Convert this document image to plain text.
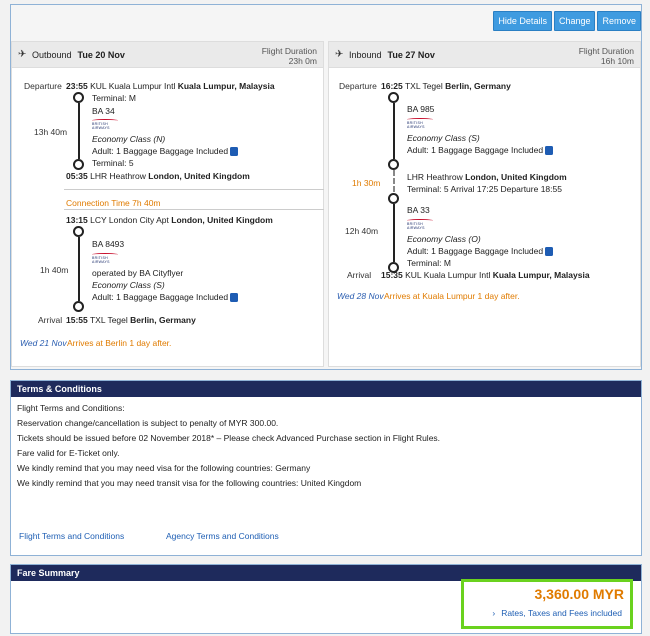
Hide Details	Change	Remove
✈ Outbound Tue 20 Nov	Flight Duration
23h 0m
Departure 23:55 KUL Kuala Lumpur Intl Kuala Lumpur, Malaysia
Terminal: M
BA 34
BRITISH AIRWAYS
13h 40m
Economy Class (N)
Adult: 1 Baggage Baggage Included
Terminal: 5
05:35 LHR Heathrow London, United Kingdom
Connection Time 7h 40m
13:15 LCY London City Apt London, United Kingdom
BA 8493
BRITISH AIRWAYS
1h 40m	operated by BA Cityflyer
Economy Class (S)
Adult: 1 Baggage Baggage Included
Arrival 15:55 TXL Tegel Berlin, Germany
Wed 21 Nov Arrives at Berlin 1 day after.
✈ Inbound Tue 27 Nov	Flight Duration
16h 10m
Departure 16:25 TXL Tegel Berlin, Germany
BA 985
BRITISH AIRWAYS
Economy Class (S)
Adult: 1 Baggage Baggage Included
1h 30m
LHR Heathrow London, United Kingdom
Terminal: 5 Arrival 17:25 Departure 18:55
BA 33
BRITISH AIRWAYS
12h 40m
Economy Class (O)
Adult: 1 Baggage Baggage Included
Terminal: M
Arrival 15:35 KUL Kuala Lumpur Intl Kuala Lumpur, Malaysia
Wed 28 Nov Arrives at Kuala Lumpur 1 day after.
Terms & Conditions
Flight Terms and Conditions:
Reservation change/cancellation is subject to penalty of MYR 300.00.
Tickets should be issued before 02 November 2018* – Please check Advanced Purchase section in Flight Rules.
Fare valid for E-Ticket only.
We kindly remind that you may need visa for the following countries: Germany
We kindly remind that you may need transit visa for the following countries: United Kingdom
Flight Terms and Conditions	Agency Terms and Conditions
Fare Summary
3,360.00 MYR
› Rates, Taxes and Fees included
